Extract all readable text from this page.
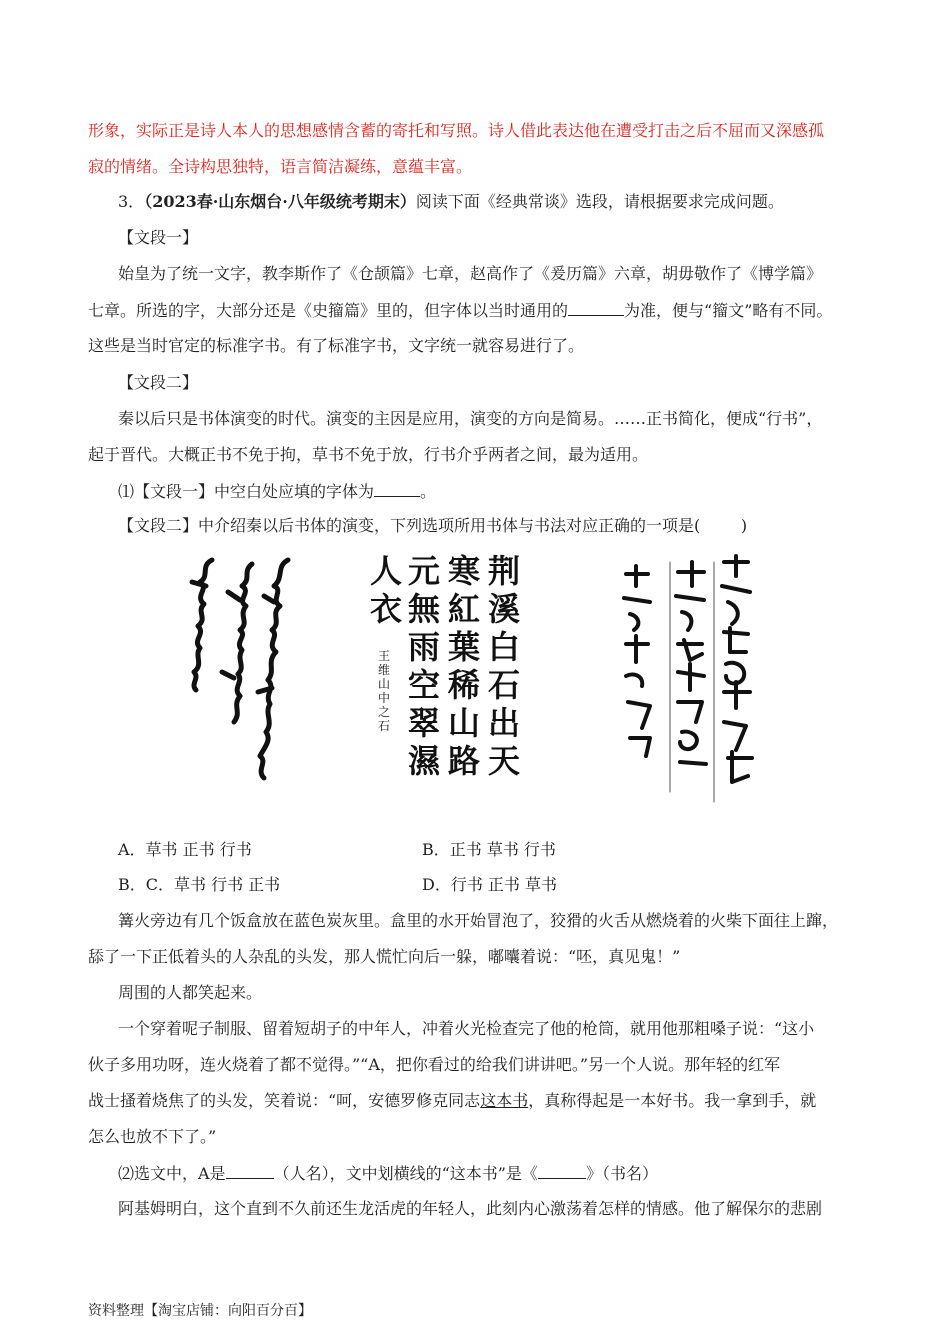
形象，实际正是诗人本人的思想感情含蓄的寄托和写照。诗人借此表达他在遭受打击之后不屈而又深感孤
寂的情绪。全诗构思独特，语言简洁凝练，意蕴丰富。
3．（2023春·山东烟台·八年级统考期末）阅读下面《经典常谈》选段，请根据要求完成问题。
【文段一】
始皇为了统一文字，教李斯作了《仓颉篇》七章，赵高作了《爰历篇》六章，胡毋敬作了《博学篇》
七章。所选的字，大部分还是《史籀篇》里的，但字体以当时通用的	为准，便与“籀文”略有不同。
这些是当时官定的标准字书。有了标准字书，文字统一就容易进行了。
【文段二】
秦以后只是书体演变的时代。演变的主因是应用，演变的方向是简易。……正书简化，便成“行书”，
起于晋代。大概正书不免于拘，草书不免于放，行书介乎两者之间，最为适用。
⑴【文段一】中空白处应填的字体为	。
【文段二】中介绍秦以后书体的演变，下列选项所用书体与书法对应正确的一项是(        )
荆溪白石出天
寒紅葉稀山路
元無雨空翠濕
人衣
王维山中之石
A．草书 正书 行书	B．正书 草书 行书
B．C．草书 行书 正书	D．行书 正书 草书
篝火旁边有几个饭盒放在蓝色炭灰里。盒里的水开始冒泡了，狡猾的火舌从燃烧着的火柴下面往上蹿，
舔了一下正低着头的人杂乱的头发，那人慌忙向后一躲，嘟囔着说：“呸，真见鬼！”
周围的人都笑起来。
一个穿着呢子制服、留着短胡子的中年人，冲着火光检查完了他的枪筒，就用他那粗嗓子说：“这小
伙子多用功呀，连火烧着了都不觉得。”“A，把你看过的给我们讲讲吧。”另一个人说。那年轻的红军
战士搔着烧焦了的头发，笑着说：“呵，安德罗修克同志这本书，真称得起是一本好书。我一拿到手，就
怎么也放不下了。”
⑵选文中，A是	（人名），文中划横线的“这本书”是《	》（书名）
阿基姆明白，这个直到不久前还生龙活虎的年轻人，此刻内心激荡着怎样的情感。他了解保尔的悲剧
资料整理【淘宝店铺：向阳百分百】
